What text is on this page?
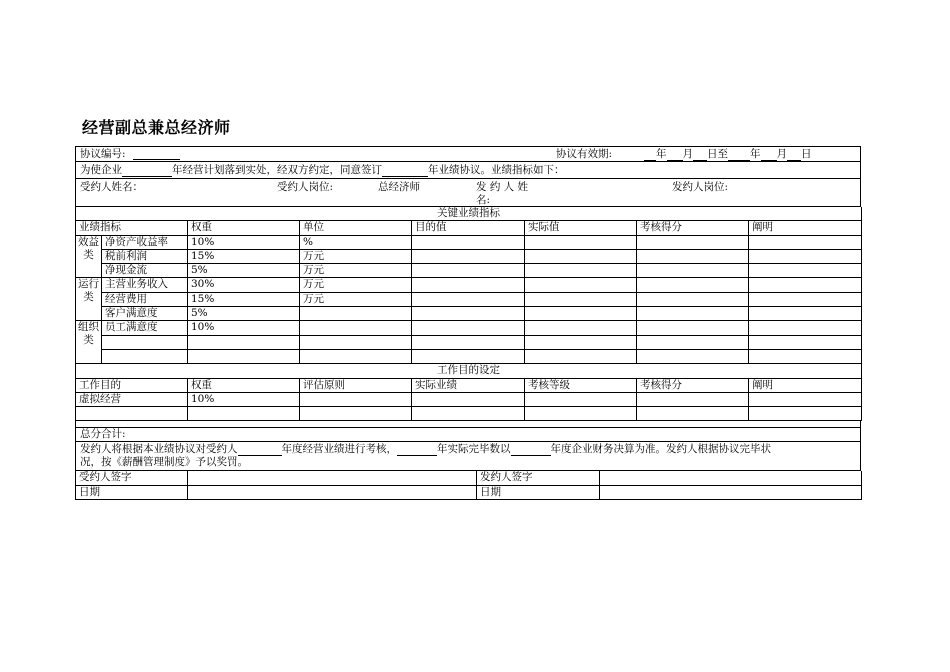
经营副总兼总经济师
协议编号:	协议有效期:	年 月 日至 年 月 日
为使企业	年经营计划落到实处，经双方约定，同意签订	年业绩协议。业绩指标如下：
受约人姓名：	受约人岗位:	总经济师	发 约 人 姓
名:
发约人岗位:
关键业绩指标							
业绩指标		权重	单位	目的值	实际值	考核得分	阐明
效益类	净资产收益率	10%	%				
	税前利润	15%	万元				
	净现金流	5%	万元				
运行类	主营业务收入	30%	万元				
	经营费用	15%	万元				
	客户满意度	5%					
组织类	员工满意度	10%					

工作目的设定						
工作目的	权重	评估原则	实际业绩	考核等级	考核得分	阐明
虚拟经营	10%					

总分合计:
发约人将根据本业绩协议对受约人	年度经营业绩进行考核，	年实际完毕数以	年度企业财务决算为准。发约人根据协议完毕状
况，按《薪酬管理制度》予以奖罚。
受约人签字		发约人签字	
日期		日期	
